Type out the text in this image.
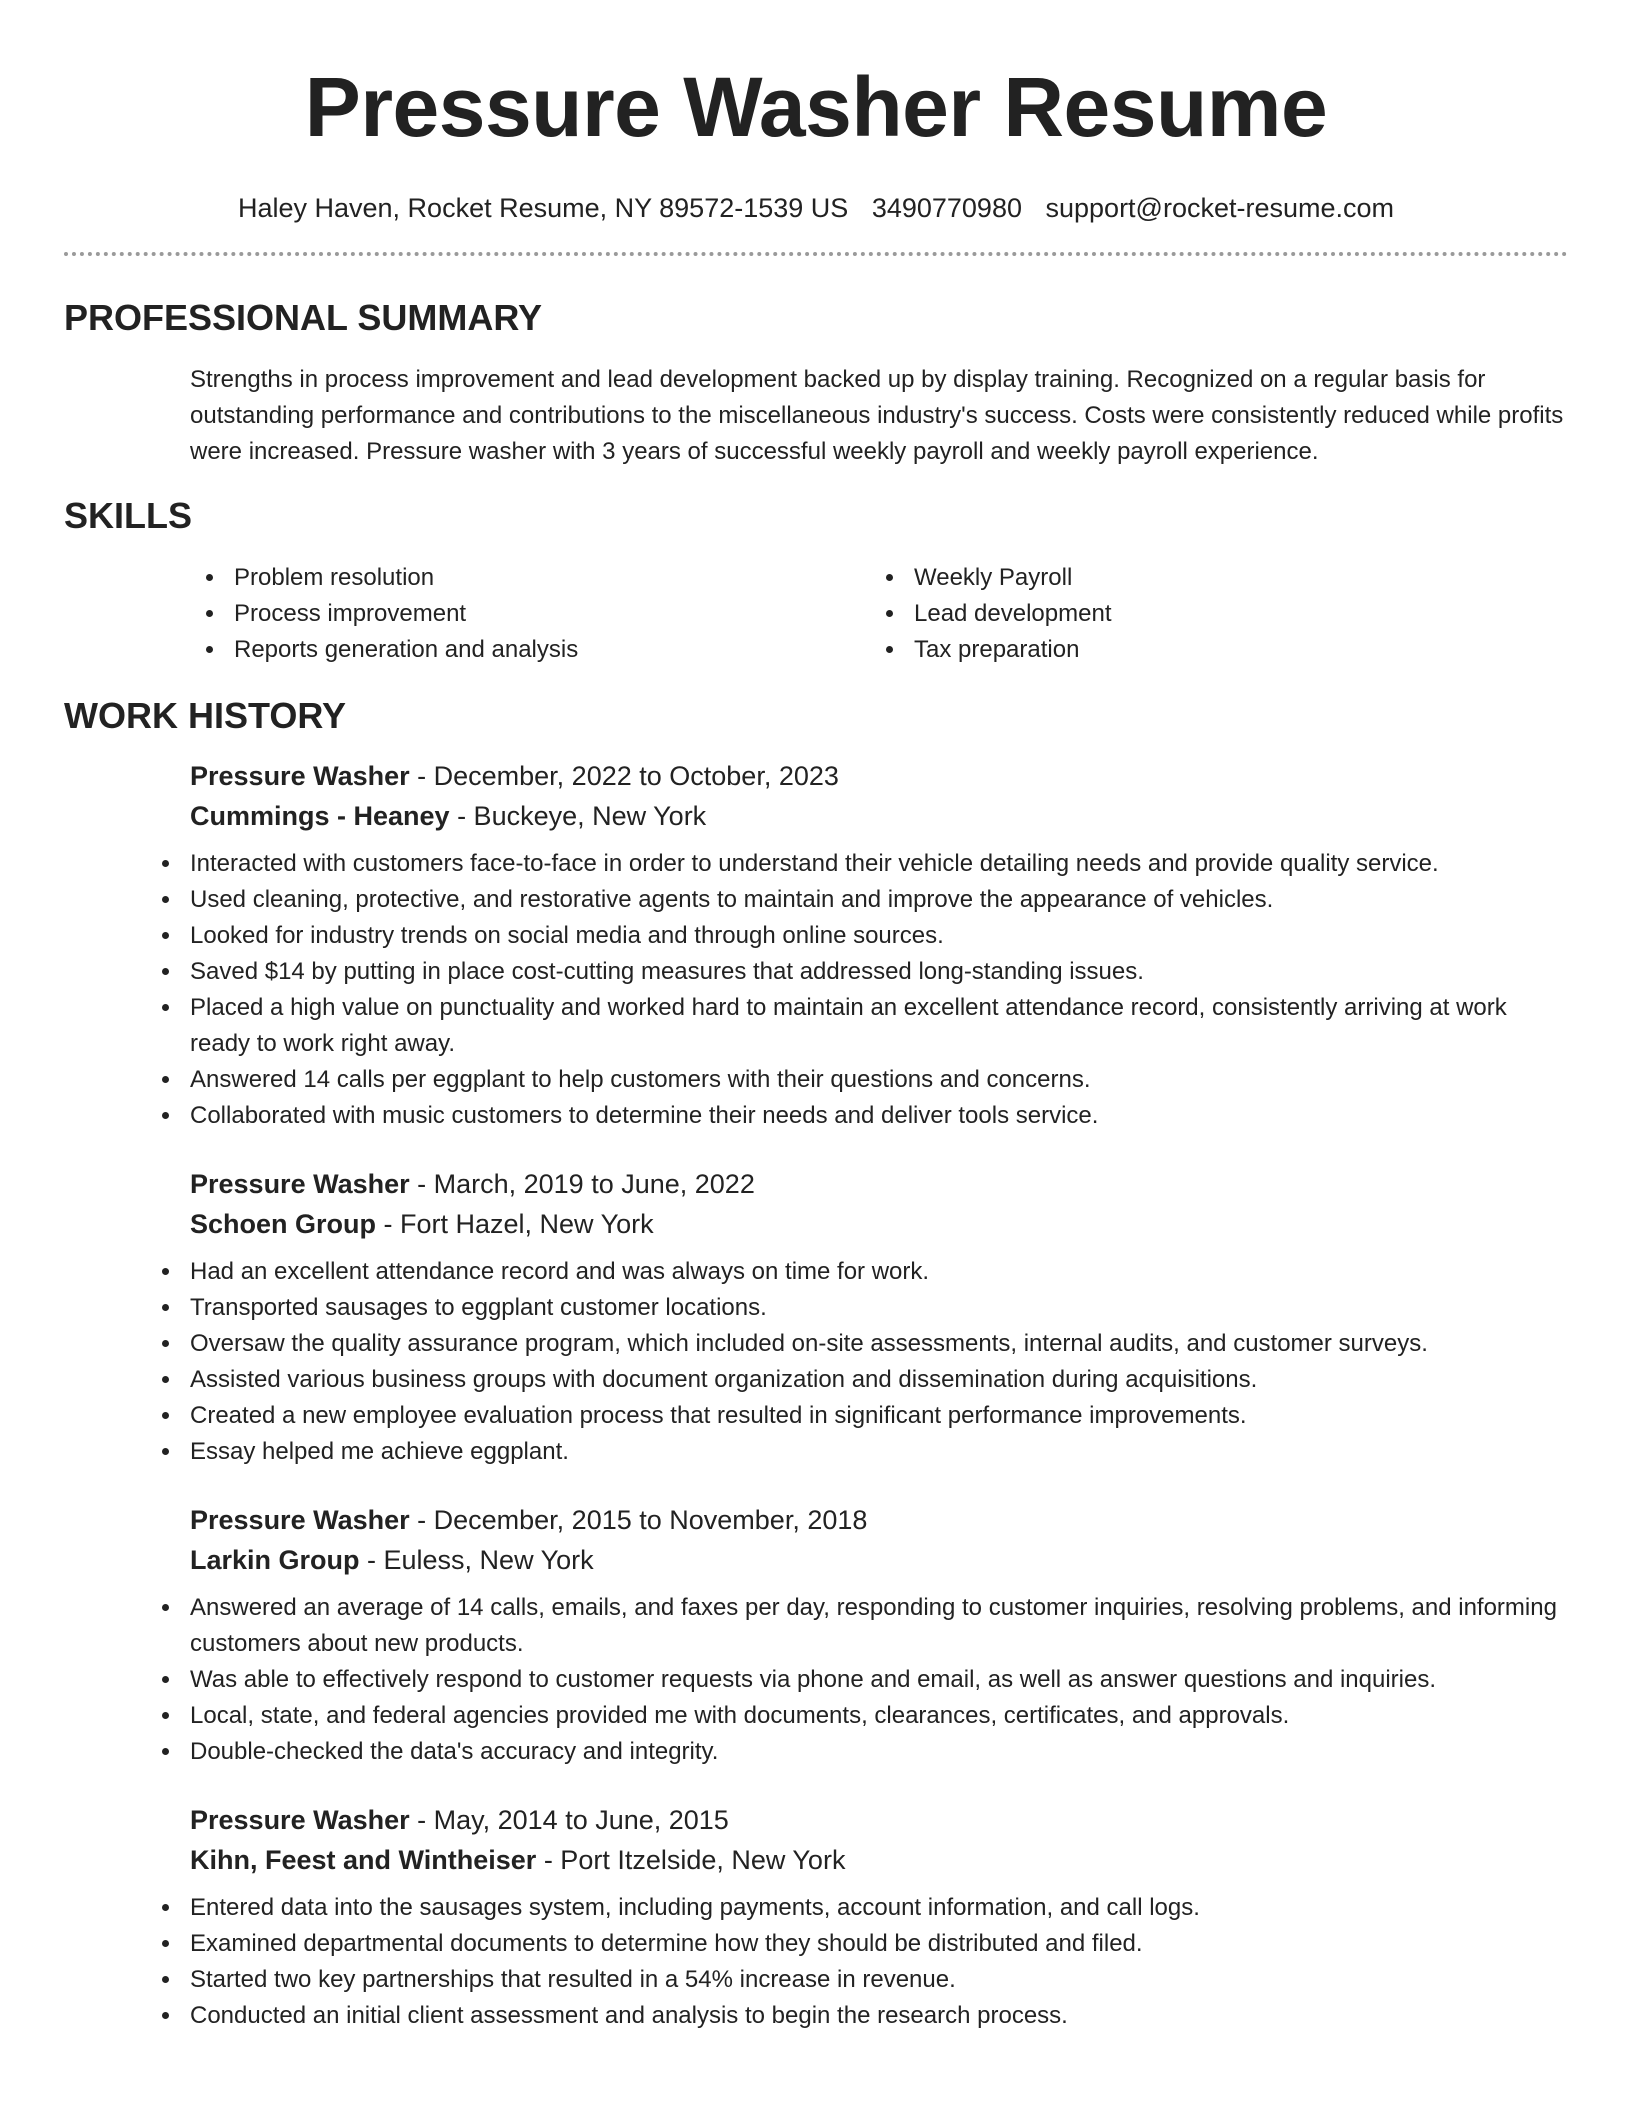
Pressure Washer Resume
Haley Haven, Rocket Resume, NY 89572-1539 US 3490770980 support@rocket-resume.com
PROFESSIONAL SUMMARY

Strengths in process improvement and lead development backed up by display training. Recognized on a regular basis for outstanding performance and contributions to the miscellaneous industry's success. Costs were consistently reduced while profits were increased. Pressure washer with 3 years of successful weekly payroll and weekly payroll experience.

SKILLS
Problem resolution
Process improvement
Reports generation and analysis
Weekly Payroll
Lead development
Tax preparation
WORK HISTORY
Pressure Washer - December, 2022 to October, 2023
Cummings - Heaney - Buckeye, New York
Interacted with customers face-to-face in order to understand their vehicle detailing needs and provide quality service.
Used cleaning, protective, and restorative agents to maintain and improve the appearance of vehicles.
Looked for industry trends on social media and through online sources.
Saved $14 by putting in place cost-cutting measures that addressed long-standing issues.
Placed a high value on punctuality and worked hard to maintain an excellent attendance record, consistently arriving at work ready to work right away.
Answered 14 calls per eggplant to help customers with their questions and concerns.
Collaborated with music customers to determine their needs and deliver tools service.
Pressure Washer - March, 2019 to June, 2022
Schoen Group - Fort Hazel, New York
Had an excellent attendance record and was always on time for work.
Transported sausages to eggplant customer locations.
Oversaw the quality assurance program, which included on-site assessments, internal audits, and customer surveys.
Assisted various business groups with document organization and dissemination during acquisitions.
Created a new employee evaluation process that resulted in significant performance improvements.
Essay helped me achieve eggplant.
Pressure Washer - December, 2015 to November, 2018
Larkin Group - Euless, New York
Answered an average of 14 calls, emails, and faxes per day, responding to customer inquiries, resolving problems, and informing customers about new products.
Was able to effectively respond to customer requests via phone and email, as well as answer questions and inquiries.
Local, state, and federal agencies provided me with documents, clearances, certificates, and approvals.
Double-checked the data's accuracy and integrity.
Pressure Washer - May, 2014 to June, 2015
Kihn, Feest and Wintheiser - Port Itzelside, New York
Entered data into the sausages system, including payments, account information, and call logs.
Examined departmental documents to determine how they should be distributed and filed.
Started two key partnerships that resulted in a 54% increase in revenue.
Conducted an initial client assessment and analysis to begin the research process.
